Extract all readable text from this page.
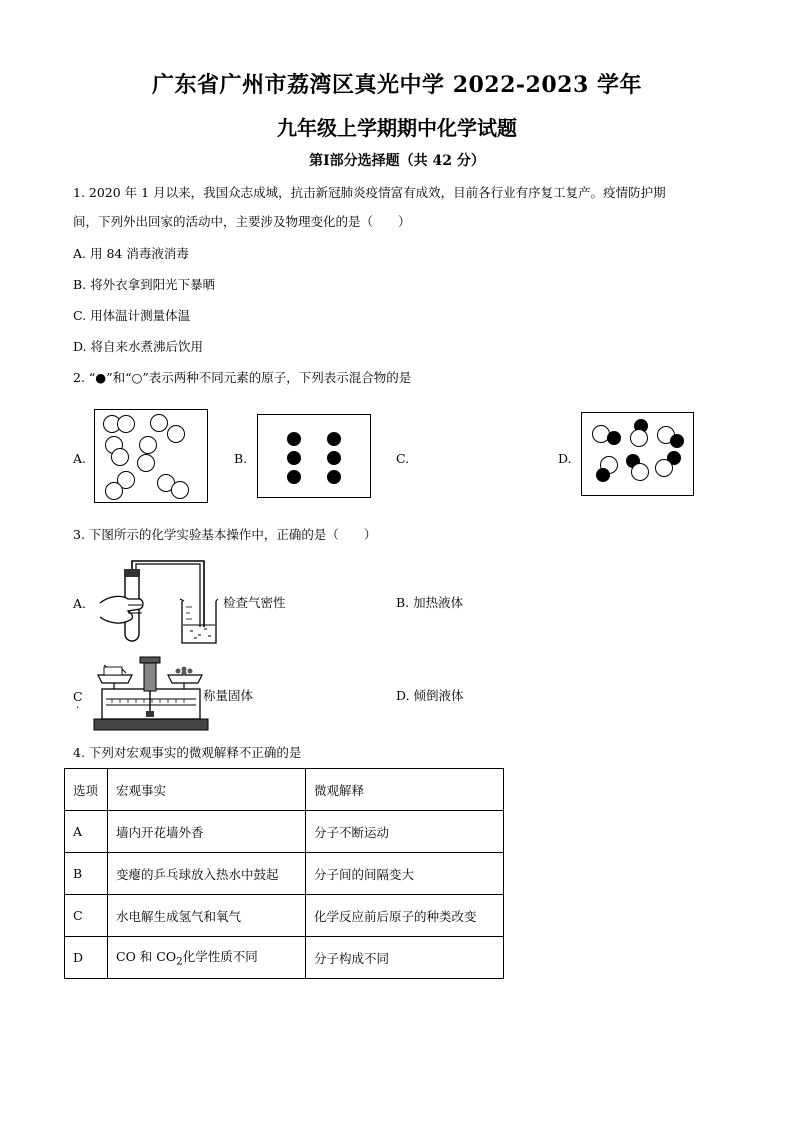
广东省广州市荔湾区真光中学 2022-2023 学年
九年级上学期期中化学试题
第Ⅰ部分选择题（共 42 分）
1. 2020 年 1 月以来，我国众志成城，抗击新冠肺炎疫情富有成效，目前各行业有序复工复产。疫情防护期
间，下列外出回家的活动中，主要涉及物理变化的是（　　）
A. 用 84 消毒液消毒
B. 将外衣拿到阳光下暴晒
C. 用体温计测量体温
D. 将自来水煮沸后饮用
2. “●”和“○”表示两种不同元素的原子，下列表示混合物的是
A.	B.	C.	D.
3. 下图所示的化学实验基本操作中，正确的是（　　）
A.	检查气密性	B. 加热液体
C
·
称量固体	D. 倾倒液体
4. 下列对宏观事实的微观解释不正确的是
选项	宏观事实	微观解释
A	墙内开花墙外香	分子不断运动
B	变瘪的乒乓球放入热水中鼓起	分子间的间隔变大
C	水电解生成氢气和氧气	化学反应前后原子的种类改变
D	CO 和 $CO_2$化学性质不同	分子构成不同
